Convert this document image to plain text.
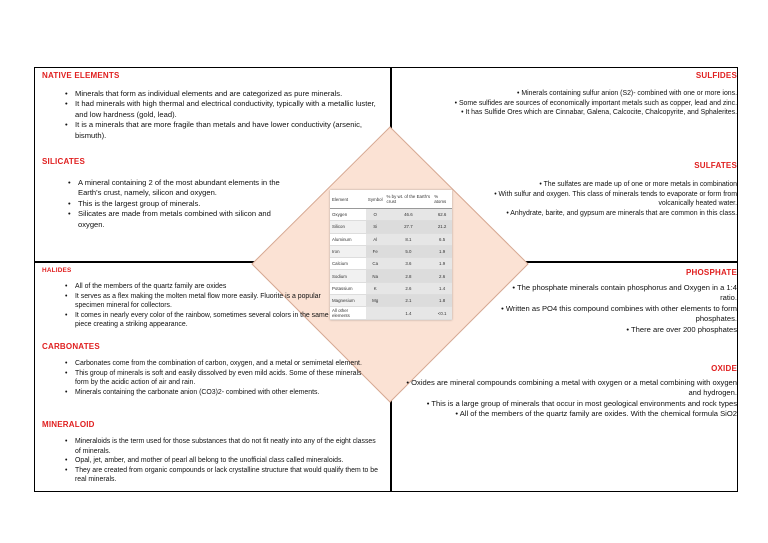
NATIVE ELEMENTS
• Minerals that form as individual elements and are categorized as pure minerals.
• It had minerals with high thermal and electrical conductivity, typically with a metallic luster, and low hardness (gold, lead).
• It is a minerals that are more fragile than metals and have lower conductivity (arsenic, bismuth).
SILICATES
• A mineral containing 2 of the most abundant elements in the Earth's crust, namely, silicon and oxygen.
• This is the largest group of minerals.
• Silicates are made from metals combined with silicon and oxygen.
SULFIDES
• Minerals containing sulfur anion (S2)- combined with one or more ions.
• Some sulfides are sources of economically important metals such as copper, lead and zinc.
• It has Sulfide Ores which are Cinnabar, Galena, Calcocite, Chalcopyrite, and Sphalerites.
SULFATES
• The sulfates are made up of one or more metals in combination
• With sulfur and oxygen. This class of minerals tends to evaporate or form from volcanically heated water.
• Anhydrate, barite, and gypsum are minerals that are common in this class.
HALIDES
• All of the members of the quartz family are oxides
• It serves as a flex making the molten metal flow more easily. Fluorite is a popular specimen mineral for collectors.
• It comes in nearly every color of the rainbow, sometimes several colors in the same piece creating a striking appearance.
CARBONATES
• Carbonates come from the combination of carbon, oxygen, and a metal or semimetal element.
• This group of minerals is soft and easily dissolved by even mild acids. Some of these minerals form by the acidic action of air and rain.
• Minerals containing the carbonate anion (CO3)2- combined with other elements.
MINERALOID
• Mineraloids is the term used for those substances that do not fit neatly into any of the eight classes of minerals.
• Opal, jet, amber, and mother of pearl all belong to the unofficial class called mineraloids.
• They are created from organic compounds or lack crystalline structure that would qualify them to be real minerals.
PHOSPHATE
• The phosphate minerals contain phosphorus and Oxygen in a 1:4 ratio.
• Written as PO4 this compound combines with other elements to form phosphates.
• There are over 200 phosphates
OXIDE
• Oxides are mineral compounds combining a metal with oxygen or a metal combining with oxygen and hydrogen.
• This is a large group of minerals that occur in most geological environments and rock types
• All of the members of the quartz family are oxides. With the chemical formula SiO2
Element	Symbol	% by wt. of the Earth's crust	% atoms
Oxygen	O	46.6	62.6
Silicon	Si	27.7	21.2
Aluminum	Al	8.1	6.5
Iron	Fe	5.0	1.9
Calcium	Ca	3.6	1.9
Sodium	Na	2.8	2.6
Potassium	K	2.6	1.4
Magnesium	Mg	2.1	1.8
All other elements		1.4	<0.1
